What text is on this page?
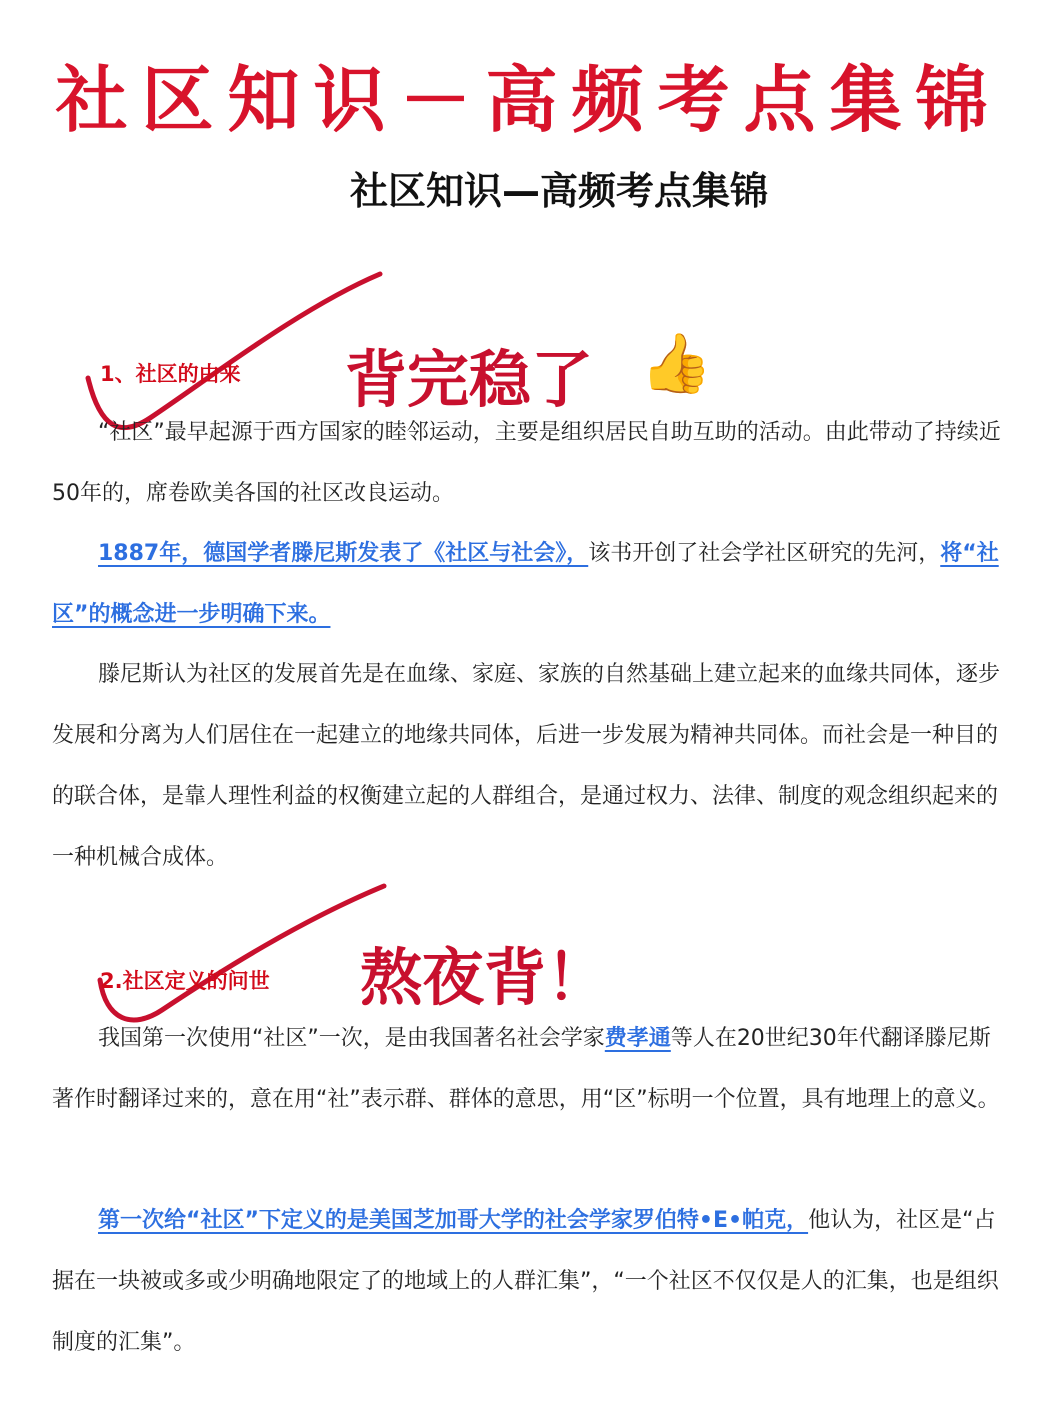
社区知识－高频考点集锦
社区知识—高频考点集锦
1、社区的由来 背完稳了 👍
“社区”最早起源于西方国家的睦邻运动，主要是组织居民自助互助的活动。由此带动了持续近50年的，席卷欧美各国的社区改良运动。
1887年，德国学者滕尼斯发表了《社区与社会》，该书开创了社会学社区研究的先河，将“社区”的概念进一步明确下来。
滕尼斯认为社区的发展首先是在血缘、家庭、家族的自然基础上建立起来的血缘共同体，逐步发展和分离为人们居住在一起建立的地缘共同体，后进一步发展为精神共同体。而社会是一种目的的联合体，是靠人理性利益的权衡建立起的人群组合，是通过权力、法律、制度的观念组织起来的一种机械合成体。
2.社区定义的问世 熬夜背！
我国第一次使用“社区”一次，是由我国著名社会学家费孝通等人在20世纪30年代翻译滕尼斯著作时翻译过来的，意在用“社”表示群、群体的意思，用“区”标明一个位置，具有地理上的意义。
第一次给“社区”下定义的是美国芝加哥大学的社会学家罗伯特•E•帕克，他认为，社区是“占据在一块被或多或少明确地限定了的地域上的人群汇集”，“一个社区不仅仅是人的汇集，也是组织制度的汇集”。
